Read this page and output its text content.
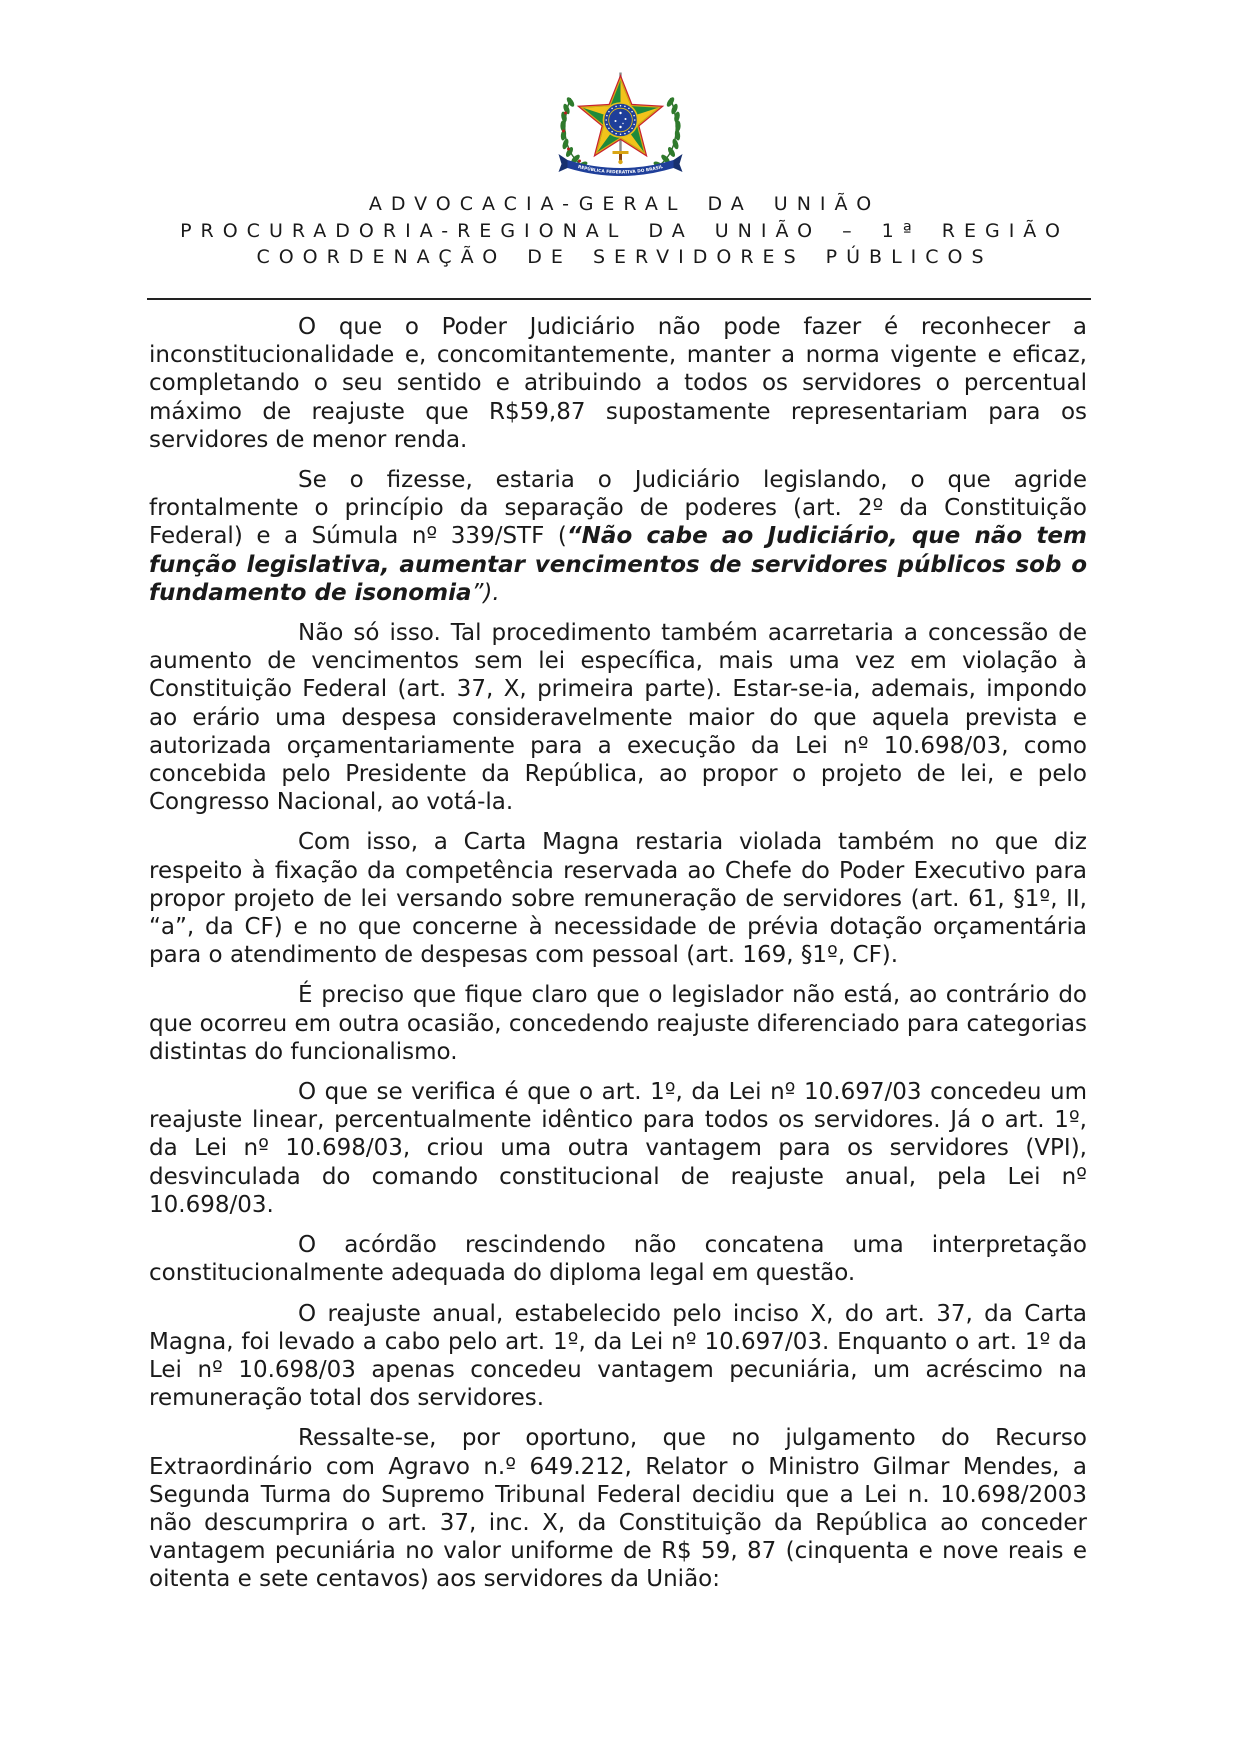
REPÚBLICA FEDERATIVA DO BRASIL
ADVOCACIA-GERAL DA UNIÃO
PROCURADORIA-REGIONAL DA UNIÃO – 1ª REGIÃO
COORDENAÇÃO DE SERVIDORES PÚBLICOS

O que o Poder Judiciário não pode fazer é reconhecer a inconstitucionalidade e, concomitantemente, manter a norma vigente e eficaz, completando o seu sentido e atribuindo a todos os servidores o percentual máximo de reajuste que R$59,87 supostamente representariam para os servidores de menor renda.

Se o fizesse, estaria o Judiciário legislando, o que agride frontalmente o princípio da separação de poderes (art. 2º da Constituição Federal) e a Súmula nº 339/STF (“Não cabe ao Judiciário, que não tem função legislativa, aumentar vencimentos de servidores públicos sob o fundamento de isonomia”).

Não só isso. Tal procedimento também acarretaria a concessão de aumento de vencimentos sem lei específica, mais uma vez em violação à Constituição Federal (art. 37, X, primeira parte). Estar-se-ia, ademais, impondo ao erário uma despesa consideravelmente maior do que aquela prevista e autorizada orçamentariamente para a execução da Lei nº 10.698/03, como concebida pelo Presidente da República, ao propor o projeto de lei, e pelo Congresso Nacional, ao votá-la.

Com isso, a Carta Magna restaria violada também no que diz respeito à fixação da competência reservada ao Chefe do Poder Executivo para propor projeto de lei versando sobre remuneração de servidores (art. 61, §1º, II, “a”, da CF) e no que concerne à necessidade de prévia dotação orçamentária para o atendimento de despesas com pessoal (art. 169, §1º, CF).

É preciso que fique claro que o legislador não está, ao contrário do que ocorreu em outra ocasião, concedendo reajuste diferenciado para categorias distintas do funcionalismo.

O que se verifica é que o art. 1º, da Lei nº 10.697/03 concedeu um reajuste linear, percentualmente idêntico para todos os servidores. Já o art. 1º, da Lei nº 10.698/03, criou uma outra vantagem para os servidores (VPI), desvinculada do comando constitucional de reajuste anual, pela Lei nº 10.698/03.

O acórdão rescindendo não concatena uma interpretação constitucionalmente adequada do diploma legal em questão.

O reajuste anual, estabelecido pelo inciso X, do art. 37, da Carta Magna, foi levado a cabo pelo art. 1º, da Lei nº 10.697/03. Enquanto o art. 1º da Lei nº 10.698/03 apenas concedeu vantagem pecuniária, um acréscimo na remuneração total dos servidores.

Ressalte-se, por oportuno, que no julgamento do Recurso Extraordinário com Agravo n.º 649.212, Relator o Ministro Gilmar Mendes, a Segunda Turma do Supremo Tribunal Federal decidiu que a Lei n. 10.698/2003 não descumprira o art. 37, inc. X, da Constituição da República ao conceder vantagem pecuniária no valor uniforme de R$ 59, 87 (cinquenta e nove reais e oitenta e sete centavos) aos servidores da União:
